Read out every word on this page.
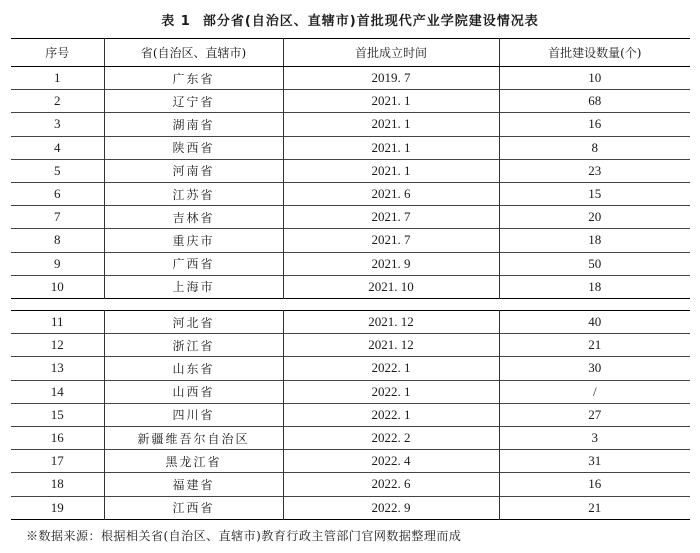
表 1 部分省(自治区、直辖市)首批现代产业学院建设情况表
序号	省(自治区、直辖市)	首批成立时间	首批建设数量(个)
1	广东省	2019. 7	10
2	辽宁省	2021. 1	68
3	湖南省	2021. 1	16
4	陕西省	2021. 1	8
5	河南省	2021. 1	23
6	江苏省	2021. 6	15
7	吉林省	2021. 7	20
8	重庆市	2021. 7	18
9	广西省	2021. 9	50
10	上海市	2021. 10	18
11	河北省	2021. 12	40
12	浙江省	2021. 12	21
13	山东省	2022. 1	30
14	山西省	2022. 1	/
15	四川省	2022. 1	27
16	新疆维吾尔自治区	2022. 2	3
17	黑龙江省	2022. 4	31
18	福建省	2022. 6	16
19	江西省	2022. 9	21
※数据来源：根据相关省(自治区、直辖市)教育行政主管部门官网数据整理而成
